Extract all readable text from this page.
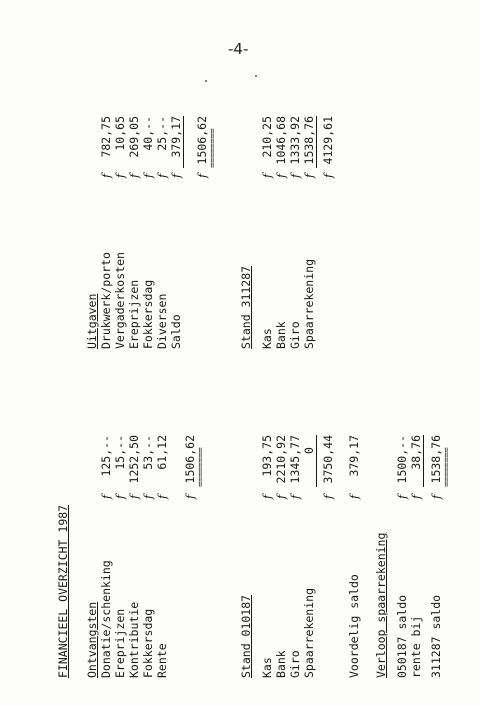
-4-
FINANCIEEL OVERZICHT 1987 Ontvangsten Donatie/schenking Ereprijzen Kontributie Fokkersdag Rente
f f f f f
125,-- 15,-- 1252,50 53,-- 61,12
f
1506,62 ========
Uitgaven Drukwerk/porto Vergaderkosten Ereprijzen Fokkersdag Diversen Saldo
f f f f f f
782,75 10,65 269,05 40,-- 25,-- 379,17
f
1506,62 ========
Stand 010187 Kas Bank Giro Spaarrekening
f f f
193,75 2210,92 1345,77 0
f
3750,44
Stand 311287 Kas Bank Giro Spaarrekening
f f f f
210,25 1046,68 1333,92 1538,76
f
4129,61
Voordelig saldo
f
379,17
Verloop spaarrekening 050187 saldo rente bij
f f
1500,-- 38,76
311287 saldo
f
1538,76 ========
